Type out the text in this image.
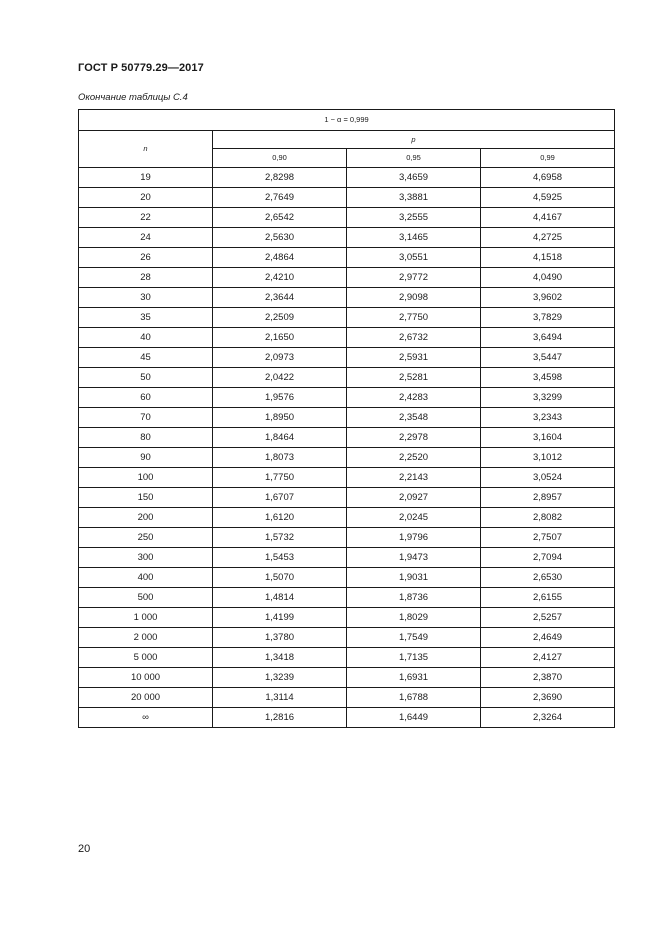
ГОСТ Р 50779.29—2017
Окончание таблицы С.4
1 − α = 0,999			
n	p		
	0,90	0,95	0,99
19	2,8298	3,4659	4,6958
20	2,7649	3,3881	4,5925
22	2,6542	3,2555	4,4167
24	2,5630	3,1465	4,2725
26	2,4864	3,0551	4,1518
28	2,4210	2,9772	4,0490
30	2,3644	2,9098	3,9602
35	2,2509	2,7750	3,7829
40	2,1650	2,6732	3,6494
45	2,0973	2,5931	3,5447
50	2,0422	2,5281	3,4598
60	1,9576	2,4283	3,3299
70	1,8950	2,3548	3,2343
80	1,8464	2,2978	3,1604
90	1,8073	2,2520	3,1012
100	1,7750	2,2143	3,0524
150	1,6707	2,0927	2,8957
200	1,6120	2,0245	2,8082
250	1,5732	1,9796	2,7507
300	1,5453	1,9473	2,7094
400	1,5070	1,9031	2,6530
500	1,4814	1,8736	2,6155
1 000	1,4199	1,8029	2,5257
2 000	1,3780	1,7549	2,4649
5 000	1,3418	1,7135	2,4127
10 000	1,3239	1,6931	2,3870
20 000	1,3114	1,6788	2,3690
∞	1,2816	1,6449	2,3264
20
